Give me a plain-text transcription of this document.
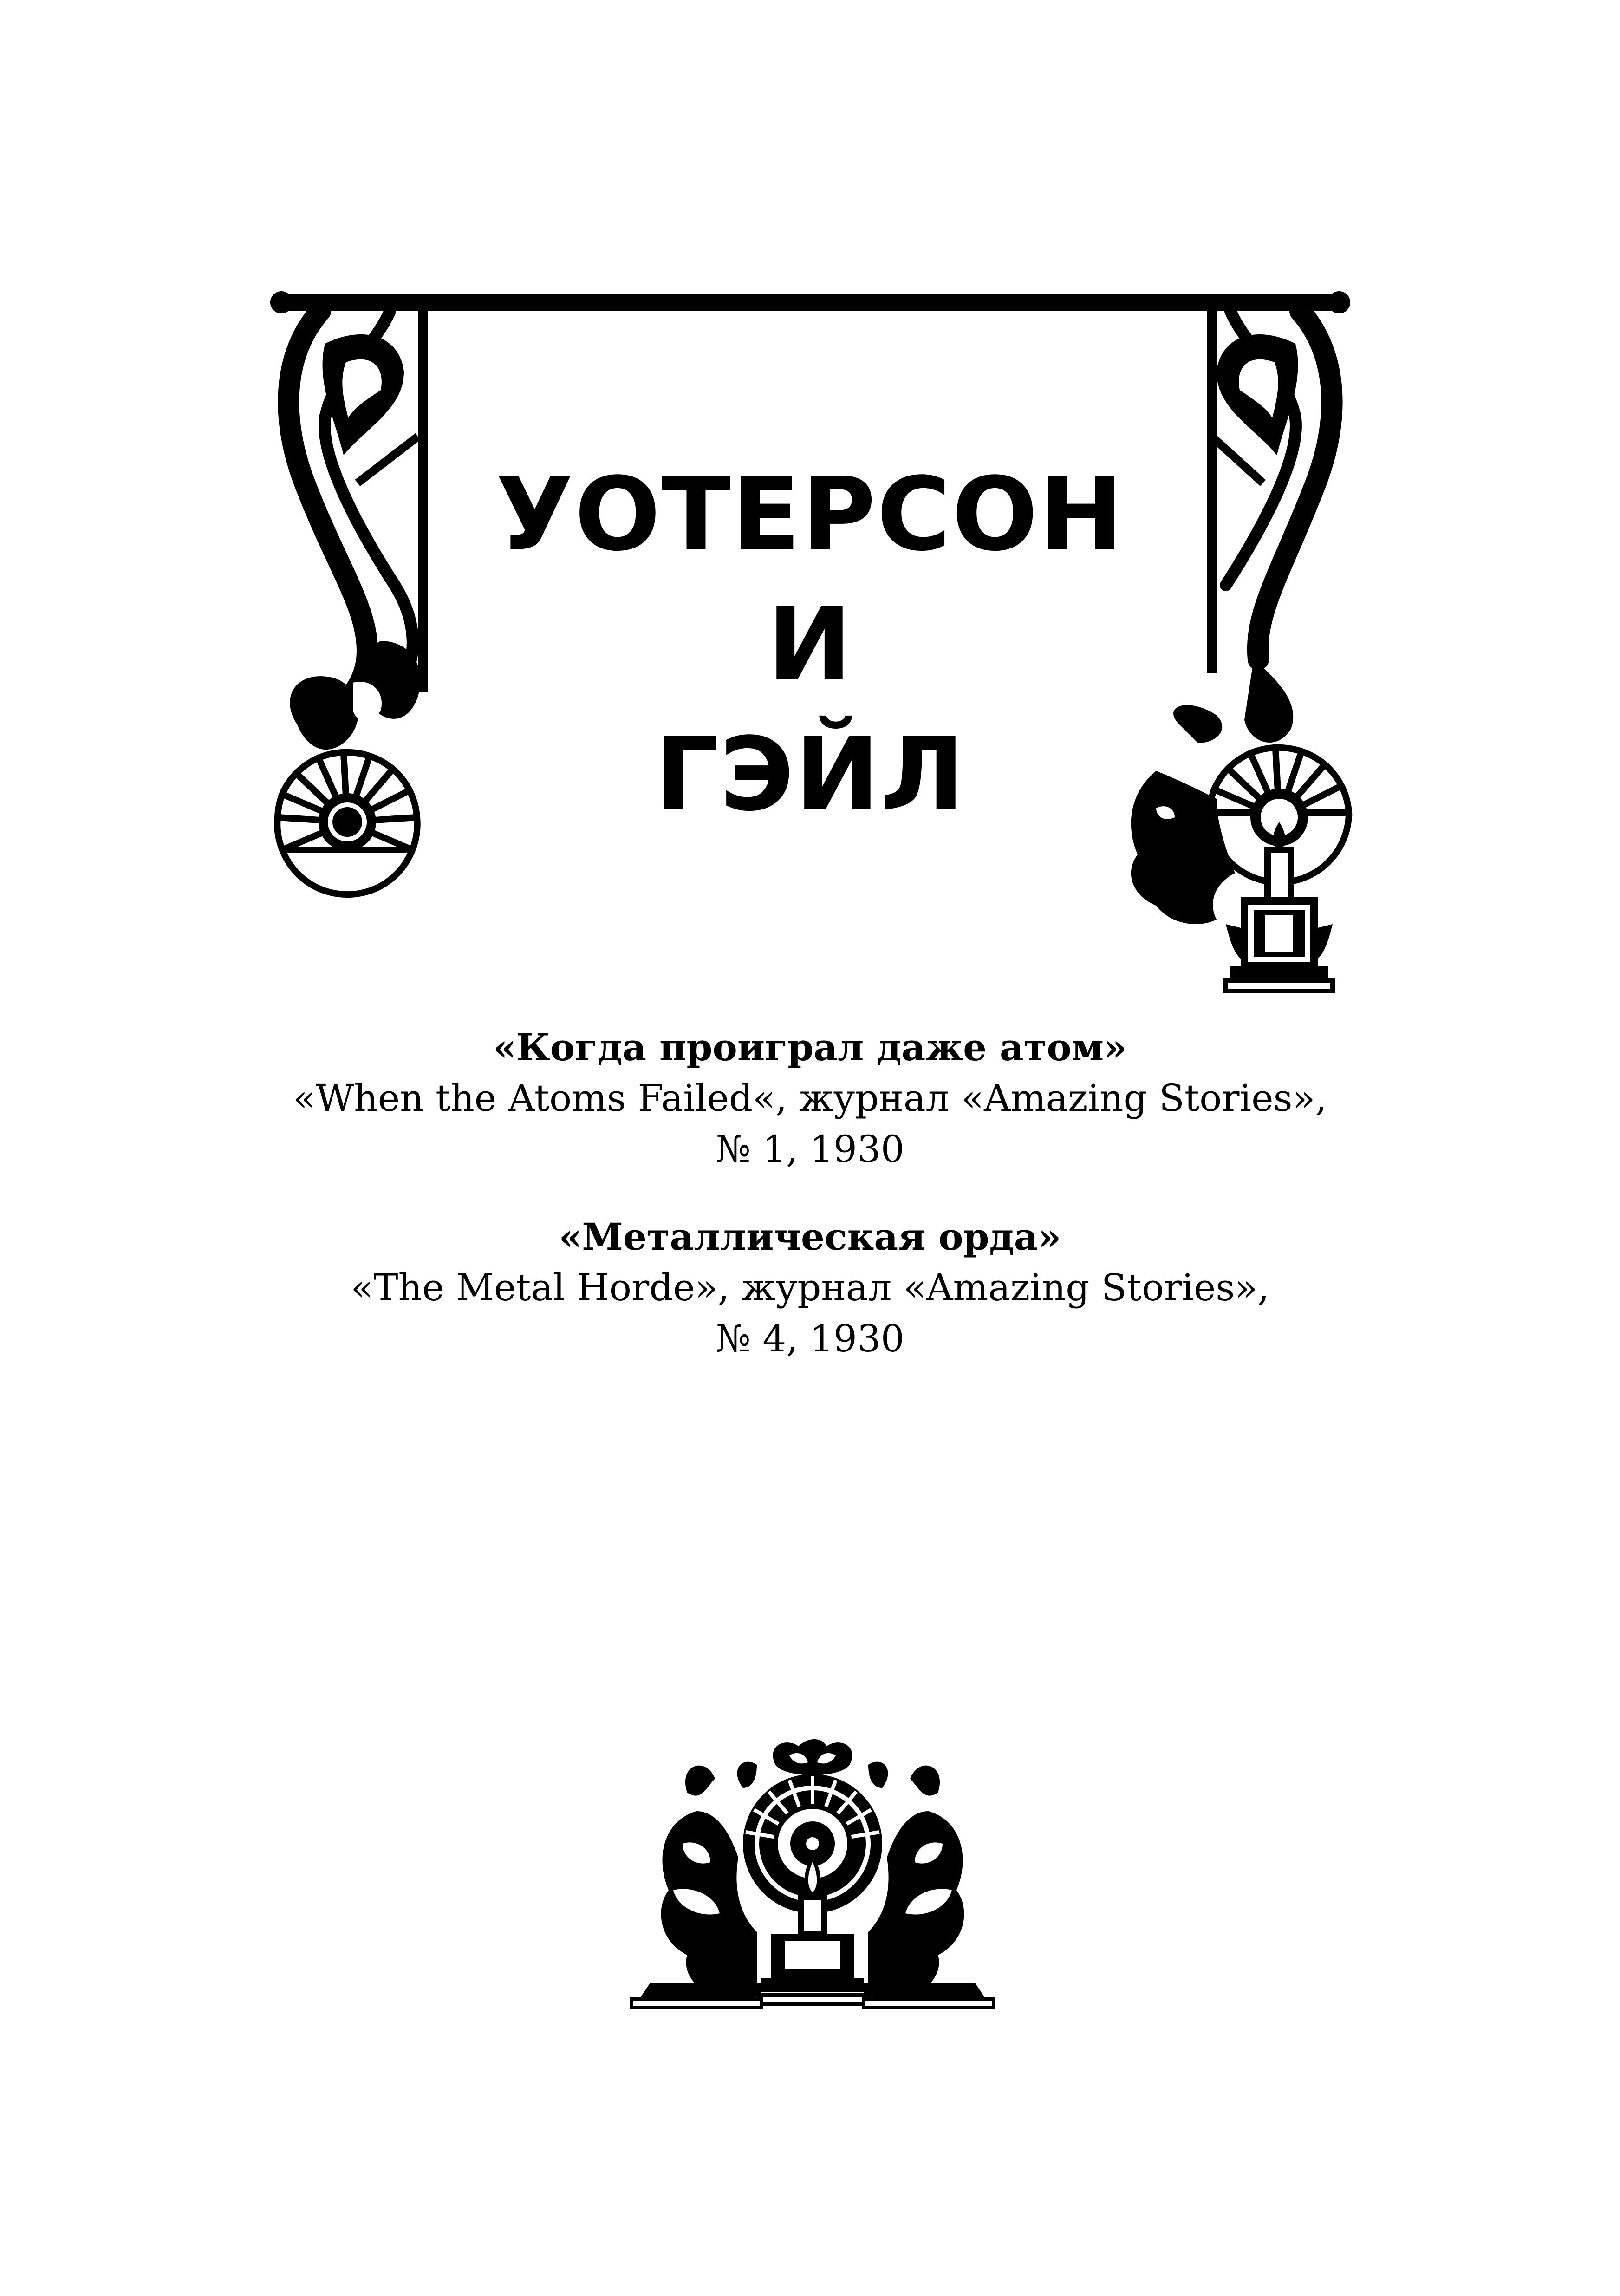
УОТЕРСОН
И
ГЭЙЛ
«Когда проиграл даже атом»
«When the Atoms Failed«, журнал «Amazing Stories»,
№ 1, 1930
«Металлическая орда»
«The Metal Horde», журнал «Amazing Stories»,
№ 4, 1930
